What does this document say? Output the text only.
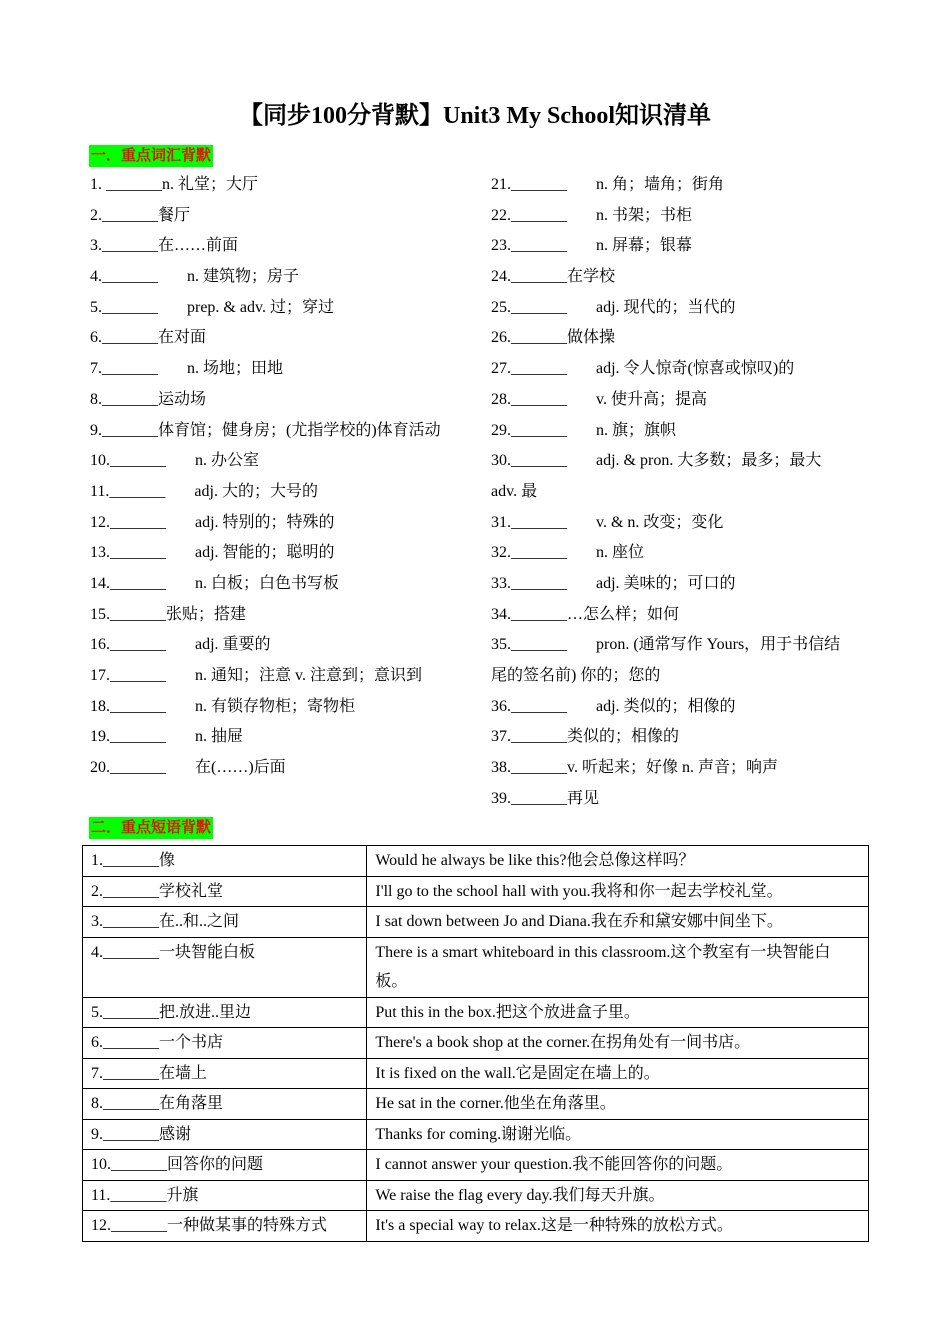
【同步100分背默】Unit3 My School知识清单
一．重点词汇背默
1. _______n. 礼堂；大厅
2._______餐厅
3._______在……前面
4._______ n. 建筑物；房子
5._______ prep. & adv. 过；穿过
6._______在对面
7._______ n. 场地；田地
8._______运动场
9._______体育馆；健身房；(尤指学校的)体育活动
10._______ n. 办公室
11._______ adj. 大的；大号的
12._______ adj. 特别的；特殊的
13._______ adj. 智能的；聪明的
14._______ n. 白板；白色书写板
15._______张贴；搭建
16._______ adj. 重要的
17._______ n. 通知；注意 v. 注意到；意识到
18._______ n. 有锁存物柜；寄物柜
19._______ n. 抽屉
20._______ 在(……)后面
21._______ n. 角；墙角；街角
22._______ n. 书架；书柜
23._______ n. 屏幕；银幕
24._______在学校
25._______ adj. 现代的；当代的
26._______做体操
27._______ adj. 令人惊奇(惊喜或惊叹)的
28._______ v. 使升高；提高
29._______ n. 旗；旗帜
30._______ adj. & pron. 大多数；最多；最大
adv. 最
31._______ v. & n. 改变；变化
32._______ n. 座位
33._______ adj. 美味的；可口的
34._______…怎么样；如何
35._______ pron. (通常写作 Yours，用于书信结
尾的签名前) 你的；您的
36._______ adj. 类似的；相像的
37._______类似的；相像的
38._______v. 听起来；好像 n. 声音；响声
39._______再见
二．重点短语背默
1._______像	Would he always be like this?他会总像这样吗？
2._______学校礼堂	I'll go to the school hall with you.我将和你一起去学校礼堂。
3._______在..和..之间	I sat down between Jo and Diana.我在乔和黛安娜中间坐下。
4._______一块智能白板	There is a smart whiteboard in this classroom.这个教室有一块智能白板。
5._______把.放进..里边	Put this in the box.把这个放进盒子里。
6._______一个书店	There's a book shop at the corner.在拐角处有一间书店。
7._______在墙上	It is fixed on the wall.它是固定在墙上的。
8._______在角落里	He sat in the corner.他坐在角落里。
9._______感谢	Thanks for coming.谢谢光临。
10._______回答你的问题	I cannot answer your question.我不能回答你的问题。
11._______升旗	We raise the flag every day.我们每天升旗。
12._______一种做某事的特殊方式	It's a special way to relax.这是一种特殊的放松方式。
